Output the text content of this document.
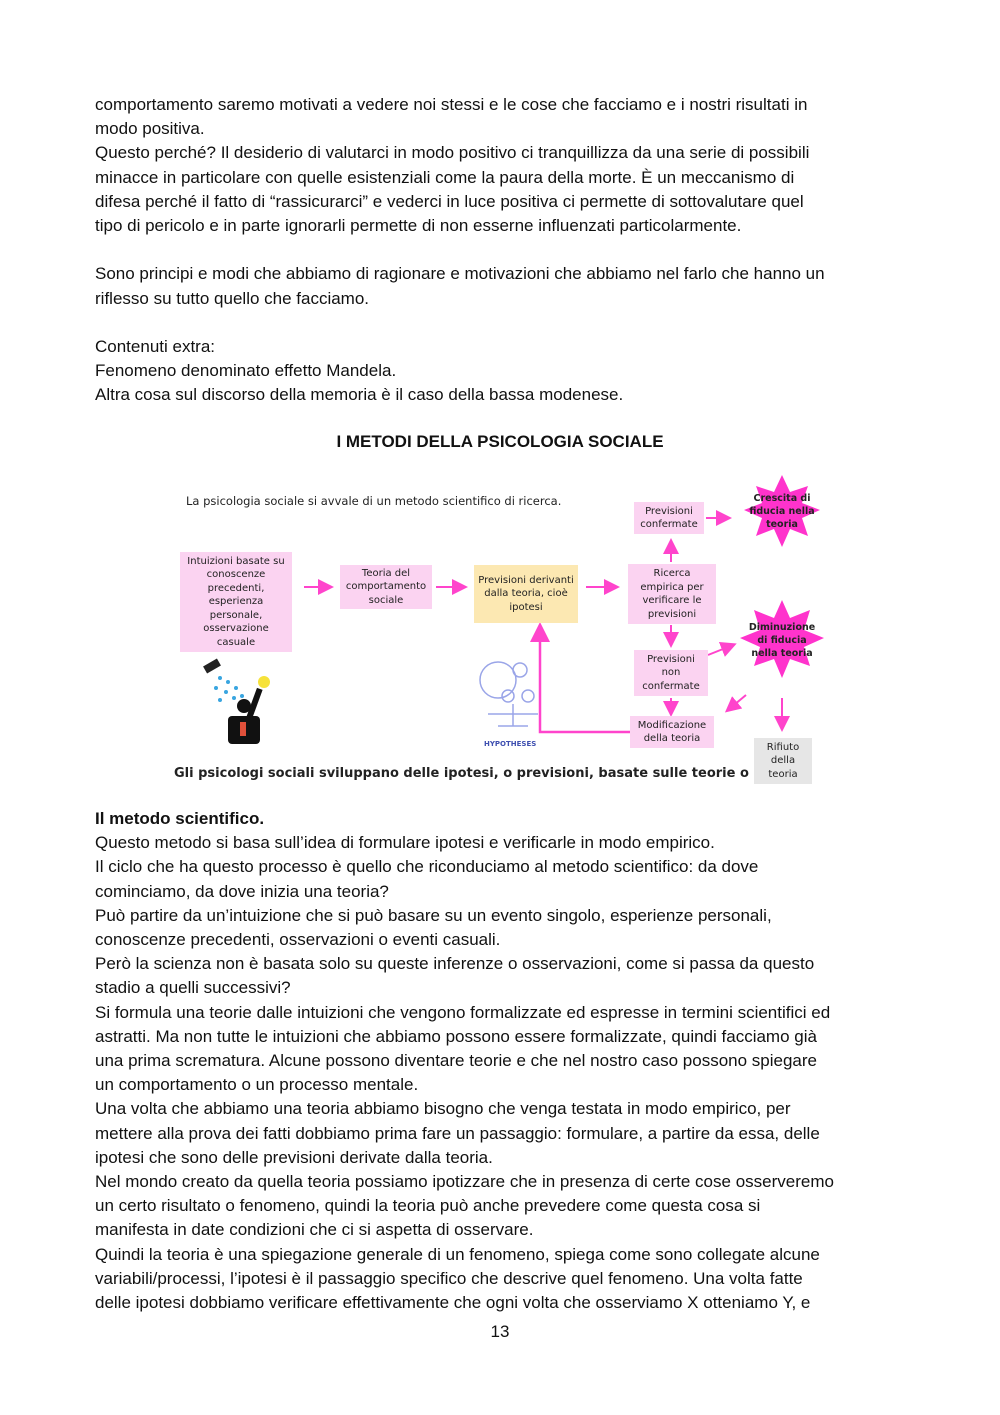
comportamento saremo motivati a vedere noi stessi e le cose che facciamo e i nostri risultati in

modo positiva.

Questo perché? Il desiderio di valutarci in modo positivo ci tranquillizza da una serie di possibili

minacce in particolare con quelle esistenziali come la paura della morte. È un meccanismo di

difesa perché il fatto di “rassicurarci” e vederci in luce positiva ci permette di sottovalutare quel

tipo di pericolo e in parte ignorarli permette di non esserne influenzati particolarmente.

Sono principi e modi che abbiamo di ragionare e motivazioni che abbiamo nel farlo che hanno un

riflesso su tutto quello che facciamo.

Contenuti extra:

Fenomeno denominato effetto Mandela.

Altra cosa sul discorso della memoria è il caso della bassa modenese.

I METODI DELLA PSICOLOGIA SOCIALE
La psicologia sociale si avvale di un metodo scientifico di ricerca.
Intuizioni basate su conoscenze precedenti, esperienza personale, osservazione casuale
Teoria del comportamento sociale
Previsioni derivanti dalla teoria, cioè ipotesi
Ricerca empirica per verificare le previsioni
Previsioni confermate
Previsioni non confermate
Modificazione della teoria
Rifiuto della teoria
Crescita di fiducia nella teoria
Diminuzione di fiducia nella teoria
HYPOTHESES
Gli psicologi sociali sviluppano delle ipotesi, o previsioni, basate sulle teorie o

Il metodo scientifico.

Questo metodo si basa sull’idea di formulare ipotesi e verificarle in modo empirico.

Il ciclo che ha questo processo è quello che riconduciamo al metodo scientifico: da dove

cominciamo, da dove inizia una teoria?

Può partire da un’intuizione che si può basare su un evento singolo, esperienze personali,

conoscenze precedenti, osservazioni o eventi casuali.

Però la scienza non è basata solo su queste inferenze o osservazioni, come si passa da questo

stadio a quelli successivi?

Si formula una teorie dalle intuizioni che vengono formalizzate ed espresse in termini scientifici ed

astratti. Ma non tutte le intuizioni che abbiamo possono essere formalizzate, quindi facciamo già

una prima scrematura. Alcune possono diventare teorie e che nel nostro caso possono spiegare

un comportamento o un processo mentale.

Una volta che abbiamo una teoria abbiamo bisogno che venga testata in modo empirico, per

mettere alla prova dei fatti dobbiamo prima fare un passaggio: formulare, a partire da essa, delle

ipotesi che sono delle previsioni derivate dalla teoria.

Nel mondo creato da quella teoria possiamo ipotizzare che in presenza di certe cose osserveremo

un certo risultato o fenomeno, quindi la teoria può anche prevedere come questa cosa si

manifesta in date condizioni che ci si aspetta di osservare.

Quindi la teoria è una spiegazione generale di un fenomeno, spiega come sono collegate alcune

variabili/processi, l’ipotesi è il passaggio specifico che descrive quel fenomeno. Una volta fatte

delle ipotesi dobbiamo verificare effettivamente che ogni volta che osserviamo X otteniamo Y, e

13
